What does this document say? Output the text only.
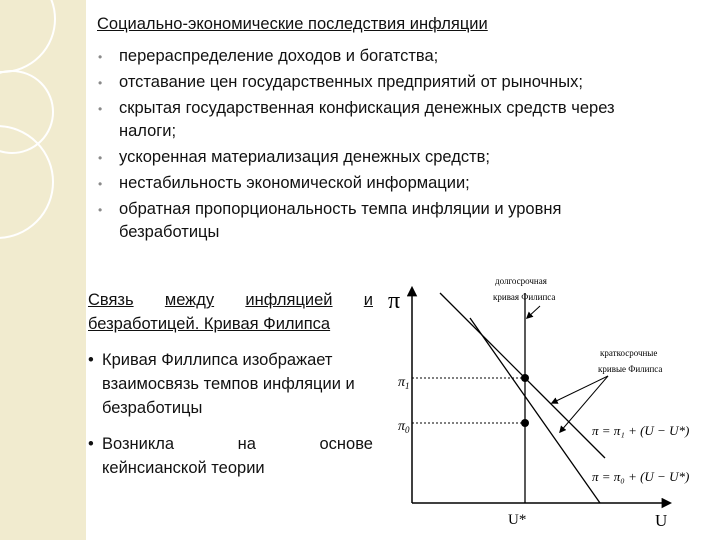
Социально-экономические последствия инфляции
• перераспределение доходов и богатства;
• отставание цен государственных предприятий от рыночных;
• скрытая государственная конфискация денежных средств через налоги;
• ускоренная материализация денежных средств;
• нестабильность экономической информации;
• обратная пропорциональность темпа инфляции и уровня безработицы
Связь между инфляцией и
безработицей. Кривая Филипса
• Кривая Филлипса изображает взаимосвязь темпов инфляции и безработицы
• Возникла	на	основе
кейнсианской теории
π
U
U*
$\pi_1$
$\pi_0$
долгосрочная
кривая Филипса
краткосрочные
кривые Филипса
π = π₁ + (U − U*)
π = π₀ + (U − U*)
